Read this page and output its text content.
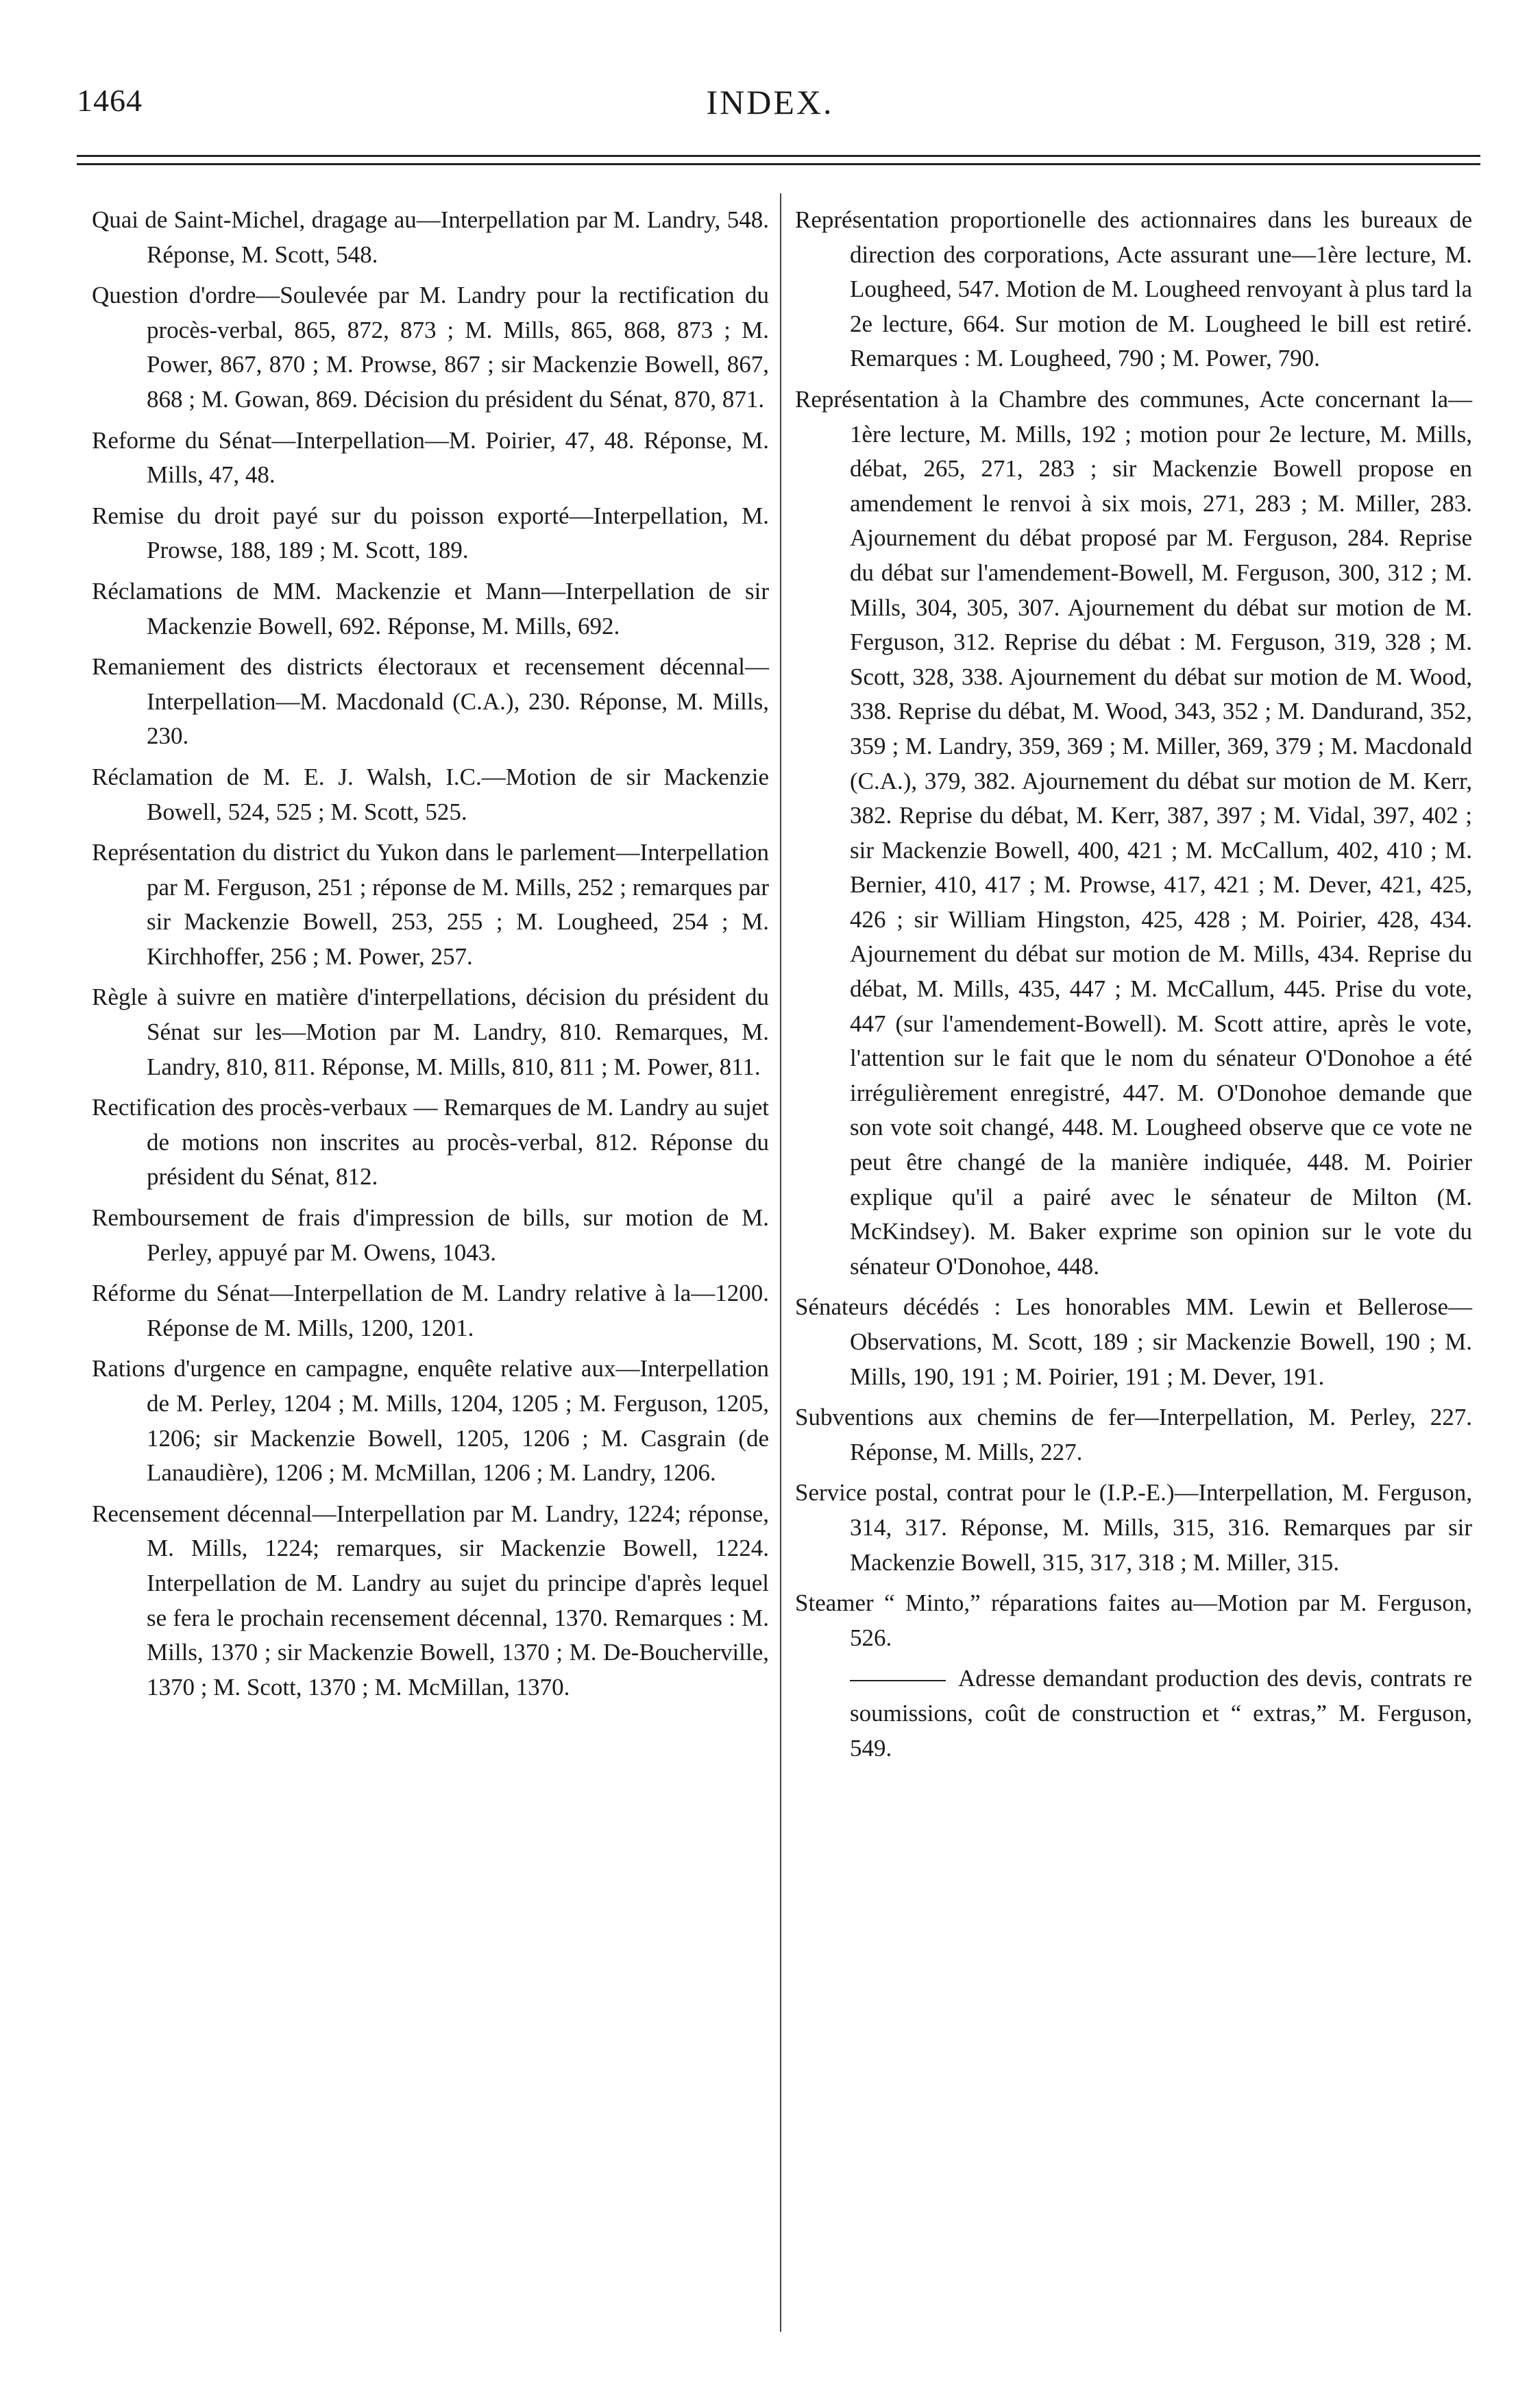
1464	INDEX.

Quai de Saint-Michel, dragage au—Interpellation par M. Landry, 548. Réponse, M. Scott, 548.

Question d'ordre—Soulevée par M. Landry pour la rectification du procès-verbal, 865, 872, 873 ; M. Mills, 865, 868, 873 ; M. Power, 867, 870 ; M. Prowse, 867 ; sir Mackenzie Bowell, 867, 868 ; M. Gowan, 869. Décision du président du Sénat, 870, 871.

Reforme du Sénat—Interpellation—M. Poirier, 47, 48. Réponse, M. Mills, 47, 48.

Remise du droit payé sur du poisson exporté—Interpellation, M. Prowse, 188, 189 ; M. Scott, 189.

Réclamations de MM. Mackenzie et Mann—Interpellation de sir Mackenzie Bowell, 692. Réponse, M. Mills, 692.

Remaniement des districts électoraux et recensement décennal—Interpellation—M. Macdonald (C.A.), 230. Réponse, M. Mills, 230.

Réclamation de M. E. J. Walsh, I.C.—Motion de sir Mackenzie Bowell, 524, 525 ; M. Scott, 525.

Représentation du district du Yukon dans le parlement—Interpellation par M. Ferguson, 251 ; réponse de M. Mills, 252 ; remarques par sir Mackenzie Bowell, 253, 255 ; M. Lougheed, 254 ; M. Kirchhoffer, 256 ; M. Power, 257.

Règle à suivre en matière d'interpellations, décision du président du Sénat sur les—Motion par M. Landry, 810. Remarques, M. Landry, 810, 811. Réponse, M. Mills, 810, 811 ; M. Power, 811.

Rectification des procès-verbaux — Remarques de M. Landry au sujet de motions non inscrites au procès-verbal, 812. Réponse du président du Sénat, 812.

Remboursement de frais d'impression de bills, sur motion de M. Perley, appuyé par M. Owens, 1043.

Réforme du Sénat—Interpellation de M. Landry relative à la—1200. Réponse de M. Mills, 1200, 1201.

Rations d'urgence en campagne, enquête relative aux—Interpellation de M. Perley, 1204 ; M. Mills, 1204, 1205 ; M. Ferguson, 1205, 1206; sir Mackenzie Bowell, 1205, 1206 ; M. Casgrain (de Lanaudière), 1206 ; M. McMillan, 1206 ; M. Landry, 1206.

Recensement décennal—Interpellation par M. Landry, 1224; réponse, M. Mills, 1224; remarques, sir Mackenzie Bowell, 1224. Interpellation de M. Landry au sujet du principe d'après lequel se fera le prochain recensement décennal, 1370. Remarques : M. Mills, 1370 ; sir Mackenzie Bowell, 1370 ; M. De-Boucherville, 1370 ; M. Scott, 1370 ; M. McMillan, 1370.

Représentation proportionelle des actionnaires dans les bureaux de direction des corporations, Acte assurant une—1ère lecture, M. Lougheed, 547. Motion de M. Lougheed renvoyant à plus tard la 2e lecture, 664. Sur motion de M. Lougheed le bill est retiré. Remarques : M. Lougheed, 790 ; M. Power, 790.

Représentation à la Chambre des communes, Acte concernant la—1ère lecture, M. Mills, 192 ; motion pour 2e lecture, M. Mills, débat, 265, 271, 283 ; sir Mackenzie Bowell propose en amendement le renvoi à six mois, 271, 283 ; M. Miller, 283. Ajournement du débat proposé par M. Ferguson, 284. Reprise du débat sur l'amendement-Bowell, M. Ferguson, 300, 312 ; M. Mills, 304, 305, 307. Ajournement du débat sur motion de M. Ferguson, 312. Reprise du débat : M. Ferguson, 319, 328 ; M. Scott, 328, 338. Ajournement du débat sur motion de M. Wood, 338. Reprise du débat, M. Wood, 343, 352 ; M. Dandurand, 352, 359 ; M. Landry, 359, 369 ; M. Miller, 369, 379 ; M. Macdonald (C.A.), 379, 382. Ajournement du débat sur motion de M. Kerr, 382. Reprise du débat, M. Kerr, 387, 397 ; M. Vidal, 397, 402 ; sir Mackenzie Bowell, 400, 421 ; M. McCallum, 402, 410 ; M. Bernier, 410, 417 ; M. Prowse, 417, 421 ; M. Dever, 421, 425, 426 ; sir William Hingston, 425, 428 ; M. Poirier, 428, 434. Ajournement du débat sur motion de M. Mills, 434. Reprise du débat, M. Mills, 435, 447 ; M. McCallum, 445. Prise du vote, 447 (sur l'amendement-Bowell). M. Scott attire, après le vote, l'attention sur le fait que le nom du sénateur O'Donohoe a été irrégulièrement enregistré, 447. M. O'Donohoe demande que son vote soit changé, 448. M. Lougheed observe que ce vote ne peut être changé de la manière indiquée, 448. M. Poirier explique qu'il a pairé avec le sénateur de Milton (M. McKindsey). M. Baker exprime son opinion sur le vote du sénateur O'Donohoe, 448.

Sénateurs décédés : Les honorables MM. Lewin et Bellerose—Observations, M. Scott, 189 ; sir Mackenzie Bowell, 190 ; M. Mills, 190, 191 ; M. Poirier, 191 ; M. Dever, 191.

Subventions aux chemins de fer—Interpellation, M. Perley, 227. Réponse, M. Mills, 227.

Service postal, contrat pour le (I.P.-E.)—Interpellation, M. Ferguson, 314, 317. Réponse, M. Mills, 315, 316. Remarques par sir Mackenzie Bowell, 315, 317, 318 ; M. Miller, 315.

Steamer “ Minto,” réparations faites au—Motion par M. Ferguson, 526.

Adresse demandant production des devis, contrats re soumissions, coût de construction et “ extras,” M. Ferguson, 549.
